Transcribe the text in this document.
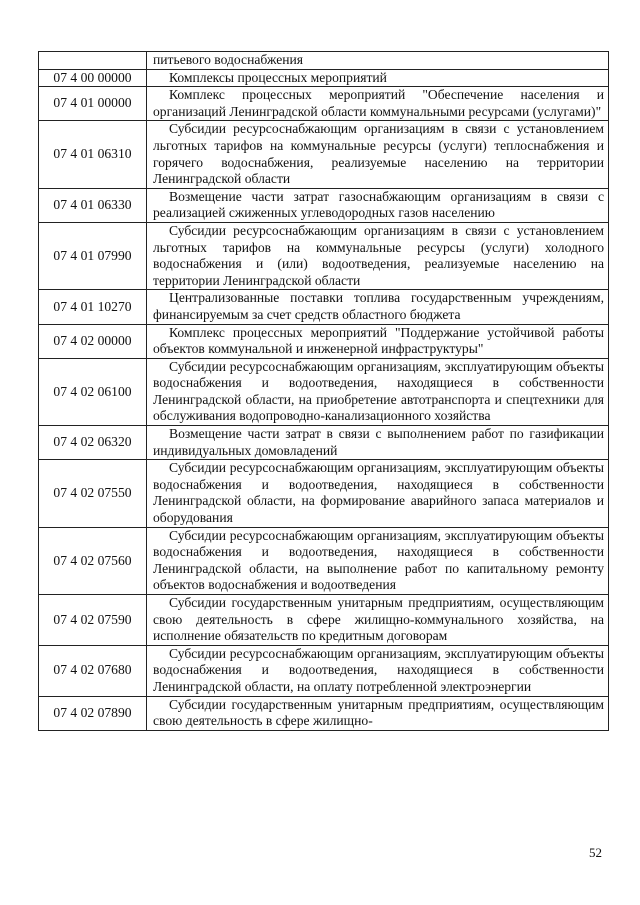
	питьевого водоснабжения
07 4 00 00000	Комплексы процессных мероприятий
07 4 01 00000	Комплекс процессных мероприятий "Обеспечение населения и организаций Ленинградской области коммунальными ресурсами (услугами)"
07 4 01 06310	Субсидии ресурсоснабжающим организациям в связи с установлением льготных тарифов на коммунальные ресурсы (услуги) теплоснабжения и горячего водоснабжения, реализуемые населению на территории Ленинградской области
07 4 01 06330	Возмещение части затрат газоснабжающим организациям в связи с реализацией сжиженных углеводородных газов населению
07 4 01 07990	Субсидии ресурсоснабжающим организациям в связи с установлением льготных тарифов на коммунальные ресурсы (услуги) холодного водоснабжения и (или) водоотведения, реализуемые населению на территории Ленинградской области
07 4 01 10270	Централизованные поставки топлива государственным учреждениям, финансируемым за счет средств областного бюджета
07 4 02 00000	Комплекс процессных мероприятий "Поддержание устойчивой работы объектов коммунальной и инженерной инфраструктуры"
07 4 02 06100	Субсидии ресурсоснабжающим организациям, эксплуатирующим объекты водоснабжения и водоотведения, находящиеся в собственности Ленинградской области, на приобретение автотранспорта и спецтехники для обслуживания водопроводно-канализационного хозяйства
07 4 02 06320	Возмещение части затрат в связи с выполнением работ по газификации индивидуальных домовладений
07 4 02 07550	Субсидии ресурсоснабжающим организациям, эксплуатирующим объекты водоснабжения и водоотведения, находящиеся в собственности Ленинградской области, на формирование аварийного запаса материалов и оборудования
07 4 02 07560	Субсидии ресурсоснабжающим организациям, эксплуатирующим объекты водоснабжения и водоотведения, находящиеся в собственности Ленинградской области, на выполнение работ по капитальному ремонту объектов водоснабжения и водоотведения
07 4 02 07590	Субсидии государственным унитарным предприятиям, осуществляющим свою деятельность в сфере жилищно-коммунального хозяйства, на исполнение обязательств по кредитным договорам
07 4 02 07680	Субсидии ресурсоснабжающим организациям, эксплуатирующим объекты водоснабжения и водоотведения, находящиеся в собственности Ленинградской области, на оплату потребленной электроэнергии
07 4 02 07890	Субсидии государственным унитарным предприятиям, осуществляющим свою деятельность в сфере жилищно-
52
